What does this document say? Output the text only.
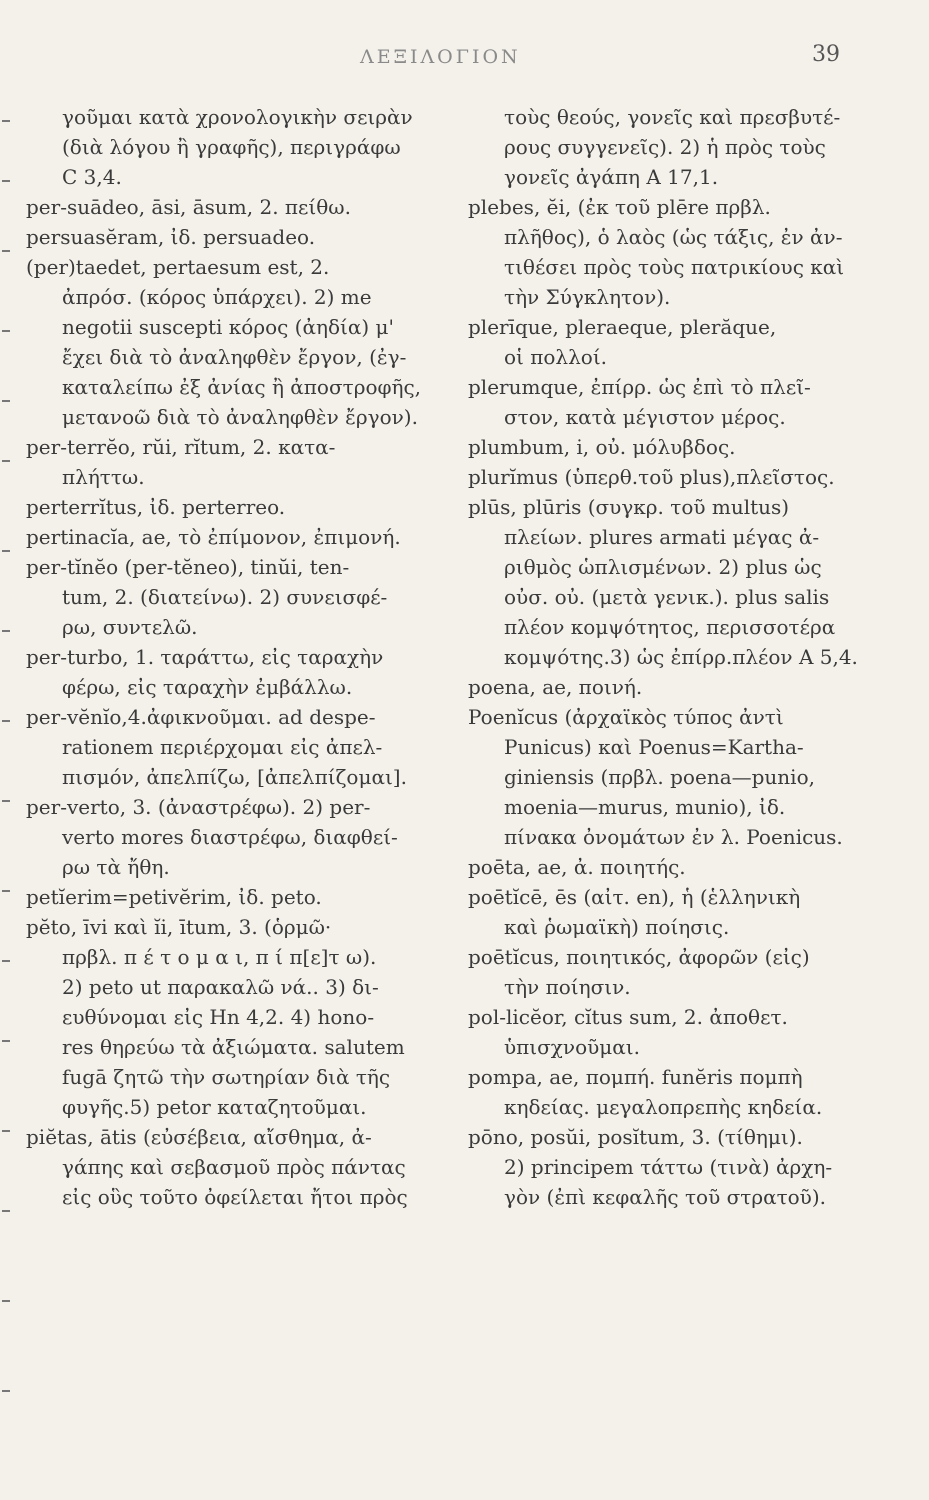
ΛΕΞΙΛΟΓΙΟΝ	39
γοῦμαι κατὰ χρονολογικὴν σειρὰν
(διὰ λόγου ἢ γραφῆς), περιγράφω
C 3,4.
per-suādeo, āsi, āsum, 2. πείθω.
persuasĕram, ἰδ. persuadeo.
(per)taedet, pertaesum est, 2.
ἀπρόσ. (κόρος ὑπάρχει). 2) me
negotii suscepti κόρος (ἀηδία) μ'
ἔχει διὰ τὸ ἀναληφθὲν ἔργον, (ἐγ-
καταλείπω ἐξ ἀνίας ἢ ἀποστροφῆς,
μετανοῶ διὰ τὸ ἀναληφθὲν ἔργον).
per-terrĕo, rŭi, rĭtum, 2. κατα-
πλήττω.
perterrĭtus, ἰδ. perterreo.
pertinacĭa, ae, τὸ ἐπίμονον, ἐπιμονή.
per-tĭnĕo (per-tĕneo), tinŭi, ten-
tum, 2. (διατείνω). 2) συνεισφέ-
ρω, συντελῶ.
per-turbo, 1. ταράττω, εἰς ταραχὴν
φέρω, εἰς ταραχὴν ἐμβάλλω.
per-vĕnĭo,4.ἀφικνοῦμαι. ad despe-
rationem περιέρχομαι εἰς ἀπελ-
πισμόν, ἀπελπίζω, [ἀπελπίζομαι].
per-verto, 3. (ἀναστρέφω). 2) per-
verto mores διαστρέφω, διαφθεί-
ρω τὰ ἤθη.
petĭerim=petivĕrim, ἰδ. peto.
pĕto, īvi καὶ ĭi, ītum, 3. (ὁρμῶ·
πρβλ. π έ τ ο μ α ι, π ί π[ε]τ ω).
2) peto ut παρακαλῶ νά.. 3) δι-
ευθύνομαι εἰς Hn 4,2. 4) hono-
res θηρεύω τὰ ἀξιώματα. salutem
fugā ζητῶ τὴν σωτηρίαν διὰ τῆς
φυγῆς.5) petor καταζητοῦμαι.
piĕtas, ātis (εὐσέβεια, αἴσθημα, ἀ-
γάπης καὶ σεβασμοῦ πρὸς πάντας
εἰς οὓς τοῦτο ὀφείλεται ἤτοι πρὸς
τοὺς θεούς, γονεῖς καὶ πρεσβυτέ-
ρους συγγενεῖς). 2) ἡ πρὸς τοὺς
γονεῖς ἀγάπη A 17,1.
plebes, ĕi, (ἐκ τοῦ plēre πρβλ.
πλῆθος), ὁ λαὸς (ὡς τάξις, ἐν ἀν-
τιθέσει πρὸς τοὺς πατρικίους καὶ
τὴν Σύγκλητον).
plerīque, pleraeque, plerăque,
οἱ πολλοί.
plerumque, ἐπίρρ. ὡς ἐπὶ τὸ πλεῖ-
στον, κατὰ μέγιστον μέρος.
plumbum, i, οὐ. μόλυβδος.
plurĭmus (ὑπερθ.τοῦ plus),πλεῖστος.
plūs, plūris (συγκρ. τοῦ multus)
πλείων. plures armati μέγας ἀ-
ριθμὸς ὡπλισμένων. 2) plus ὡς
οὐσ. οὐ. (μετὰ γενικ.). plus salis
πλέον κομψότητος, περισσοτέρα
κομψότης.3) ὡς ἐπίρρ.πλέον A 5,4.
poena, ae, ποινή.
Poenĭcus (ἀρχαϊκὸς τύπος ἀντὶ
Punicus) καὶ Poenus=Kartha-
giniensis (πρβλ. poena—punio,
moenia—murus, munio), ἰδ.
πίνακα ὀνομάτων ἐν λ. Poenicus.
poēta, ae, ἀ. ποιητής.
poētĭcē, ēs (αἰτ. en), ἡ (ἑλληνικὴ
καὶ ῥωμαϊκὴ) ποίησις.
poētĭcus, ποιητικός, ἀφορῶν (εἰς)
τὴν ποίησιν.
pol-licĕor, cĭtus sum, 2. ἀποθετ.
ὑπισχνοῦμαι.
pompa, ae, πομπή. funĕris πομπὴ
κηδείας. μεγαλοπρεπὴς κηδεία.
pōno, posŭi, posĭtum, 3. (τίθημι).
2) principem τάττω (τινὰ) ἀρχη-
γὸν (ἐπὶ κεφαλῆς τοῦ στρατοῦ).
